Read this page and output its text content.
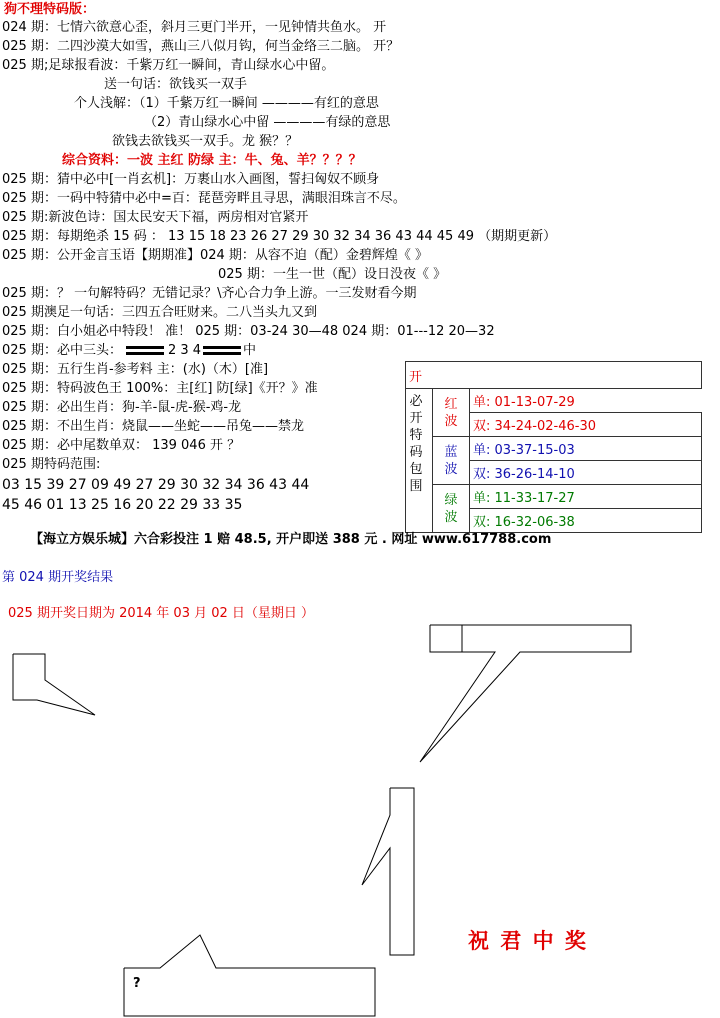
狗不理特码版：
024 期：七情六欲意心歪，斜月三更门半开，一见钟情共鱼水。 开
025 期：二四沙漠大如雪，燕山三八似月钩，何当金络三二脑。 开？
025 期;足球报看波：千紫万红一瞬间，青山绿水心中留。
送一句话：欲钱买一双手
个人浅解：（1）千紫万红一瞬间 ————有红的意思
（2）青山绿水心中留 ————有绿的意思
欲钱去欲钱买一双手。龙 猴？？
综合资料：一波 主红 防绿 主：牛、兔、羊？？？？
025 期：猜中必中[一肖玄机]：万裹山水入画图，誓扫匈奴不顾身
025 期：一码中特猜中必中=百：琵琶旁畔且寻思，满眼泪珠言不尽。
025 期:新波色诗：国太民安天下福，两房相对官紧开
025 期：每期绝杀 15 码 ： 13 15 18 23 26 27 29 30 32 34 36 43 44 45 49 （期期更新）
025 期：公开金言玉语【期期准】024 期：从容不迫（配）金碧辉煌《 》
025 期：一生一世（配）设日没夜《 》
025 期：？ 一句解特码？无错记录？\齐心合力争上游。一三发财看今期
025 期澳足一句话：三四五合旺财来。二八当头九又到
025 期：白小姐必中特段！ 准！ 025 期：03-24 30—48 024 期：01---12 20—32
025 期：必中三头：	2 3 4	中
025 期：五行生肖-参考料 主：(水)（木）[准]
025 期：特码波色王 100%：主[红] 防[绿]《开？》准
025 期：必出生肖：狗-羊-鼠-虎-猴-鸡-龙
025 期：不出生肖：烧鼠——坐蛇——吊兔——禁龙
025 期：必中尾数单双： 139 046 开 ？
025 期特码范围:
03 15 39 27 09 49 27 29 30 32 34 36 43 44
45 46 01 13 25 16 20 22 29 33 35
开		

必开特码包围	红波	单: 01-13-07-29
		双: 34-24-02-46-30

	蓝波	单: 03-37-15-03
		双: 36-26-14-10

	绿波	单: 11-33-17-27
		双: 16-32-06-38
【海立方娱乐城】六合彩投注 1 赔 48.5, 开户即送 388 元 . 网址 www.617788.com
第 024 期开奖结果
025 期开奖日期为 2014 年 03 月 02 日（星期日 ）
祝 君 中 奖
?
